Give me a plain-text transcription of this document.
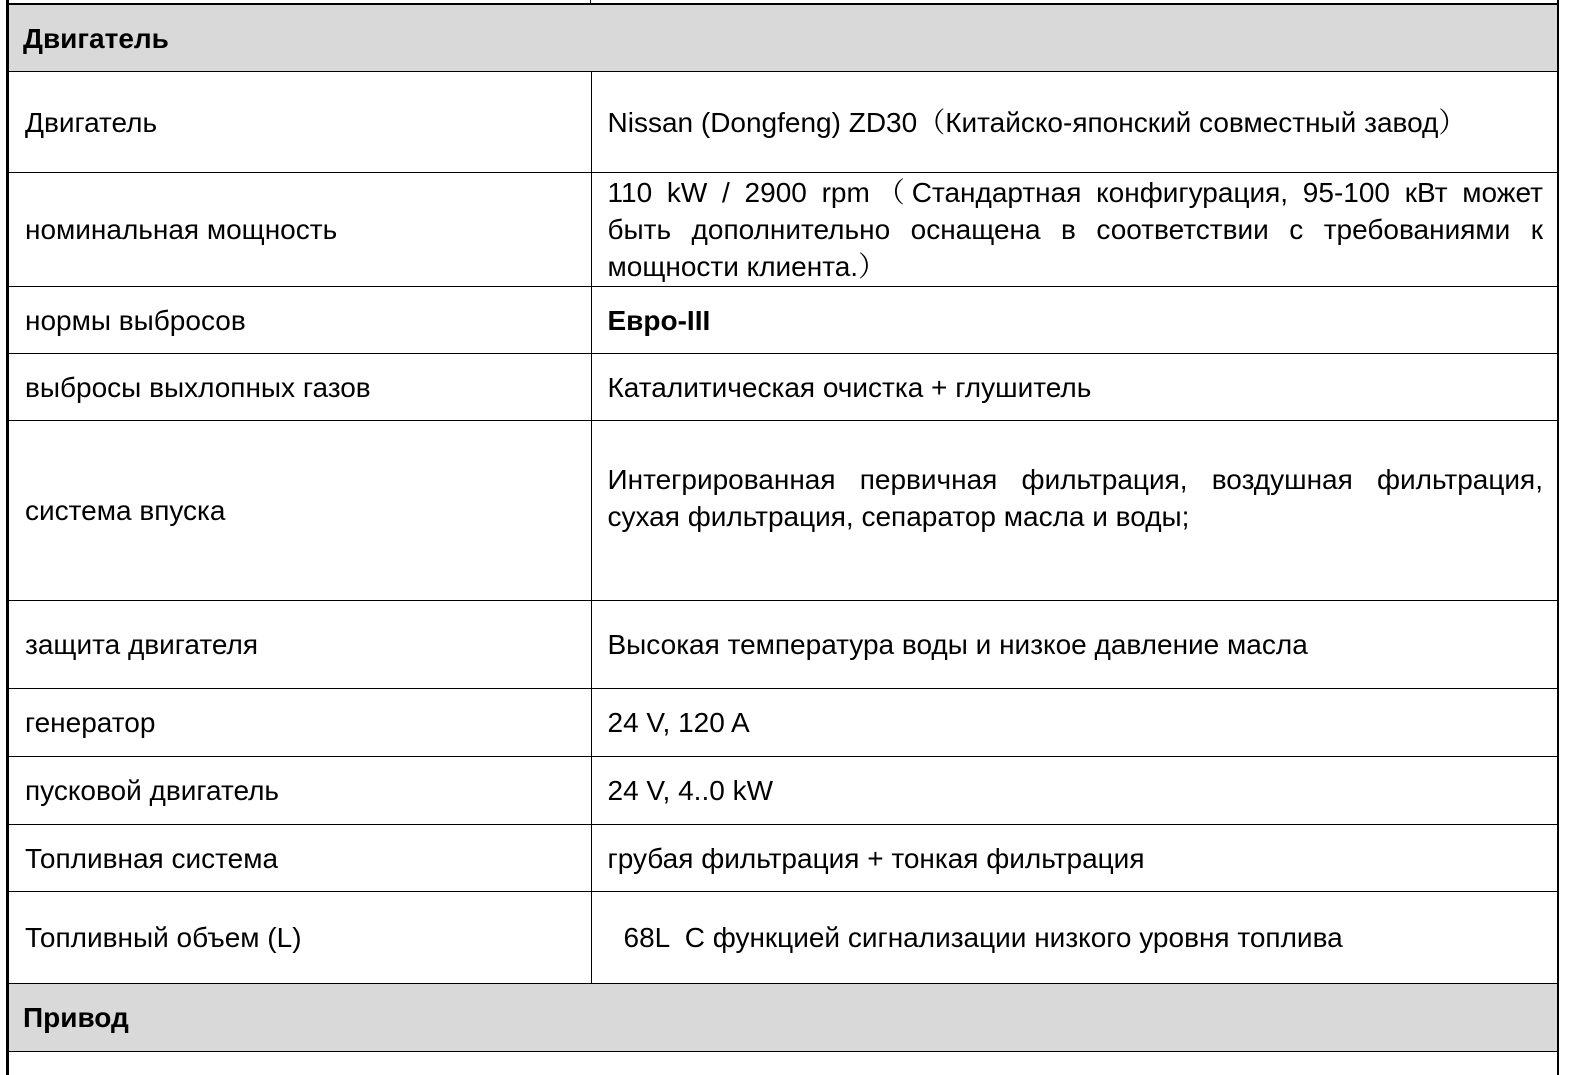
Двигатель	
Двигатель	Nissan (Dongfeng) ZD30（Китайско-японский совместный завод）
номинальная мощность	110 kW / 2900 rpm（Стандартная конфигурация, 95-100 кВт может быть дополнительно оснащена в соответствии с требованиями к мощности клиента.）
нормы выбросов	Евро-III
выбросы выхлопных газов	Каталитическая очистка + глушитель
система впуска	Интегрированная первичная фильтрация, воздушная фильтрация, сухая фильтрация, сепаратор масла и воды;
защита двигателя	Высокая температура воды и низкое давление масла
генератор	24 V, 120 A
пусковой двигатель	24 V, 4..0 kW
Топливная система	грубая фильтрация + тонкая фильтрация
Топливный объем (L)	68L  С функцией сигнализации низкого уровня топлива
Привод	
